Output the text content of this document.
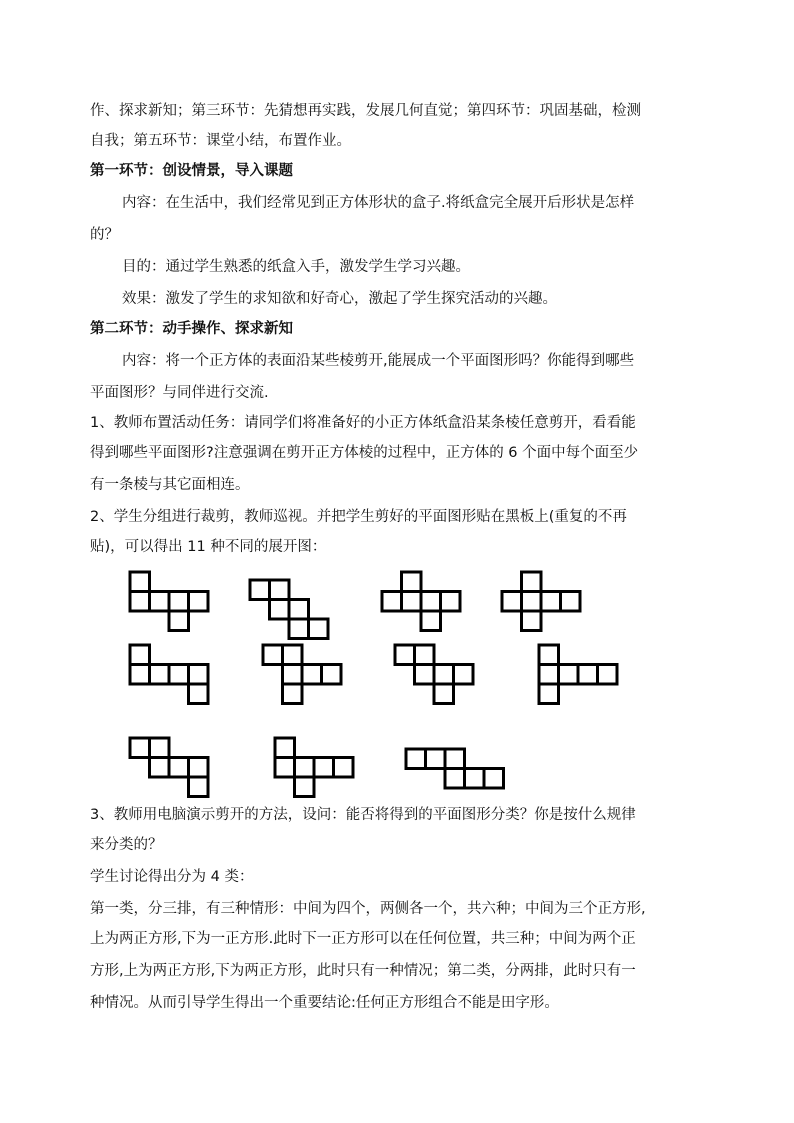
作、探求新知；第三环节：先猜想再实践，发展几何直觉；第四环节：巩固基础，检测
自我；第五环节：课堂小结，布置作业。
第一环节：创设情景，导入课题
内容：在生活中，我们经常见到正方体形状的盒子.将纸盒完全展开后形状是怎样
的？
目的：通过学生熟悉的纸盒入手，激发学生学习兴趣。
效果：激发了学生的求知欲和好奇心，激起了学生探究活动的兴趣。
第二环节：动手操作、探求新知
内容：将一个正方体的表面沿某些棱剪开,能展成一个平面图形吗？你能得到哪些
平面图形？与同伴进行交流.
1、教师布置活动任务：请同学们将准备好的小正方体纸盒沿某条棱任意剪开，看看能
得到哪些平面图形?注意强调在剪开正方体棱的过程中，正方体的 6 个面中每个面至少
有一条棱与其它面相连。
2、学生分组进行裁剪，教师巡视。并把学生剪好的平面图形贴在黑板上(重复的不再
贴)，可以得出 11 种不同的展开图：
3、教师用电脑演示剪开的方法，设问：能否将得到的平面图形分类？你是按什么规律
来分类的？
学生讨论得出分为 4 类：
第一类，分三排，有三种情形：中间为四个，两侧各一个，共六种；中间为三个正方形,
上为两正方形,下为一正方形.此时下一正方形可以在任何位置，共三种；中间为两个正
方形,上为两正方形,下为两正方形，此时只有一种情况；第二类，分两排，此时只有一
种情况。从而引导学生得出一个重要结论:任何正方形组合不能是田字形。
